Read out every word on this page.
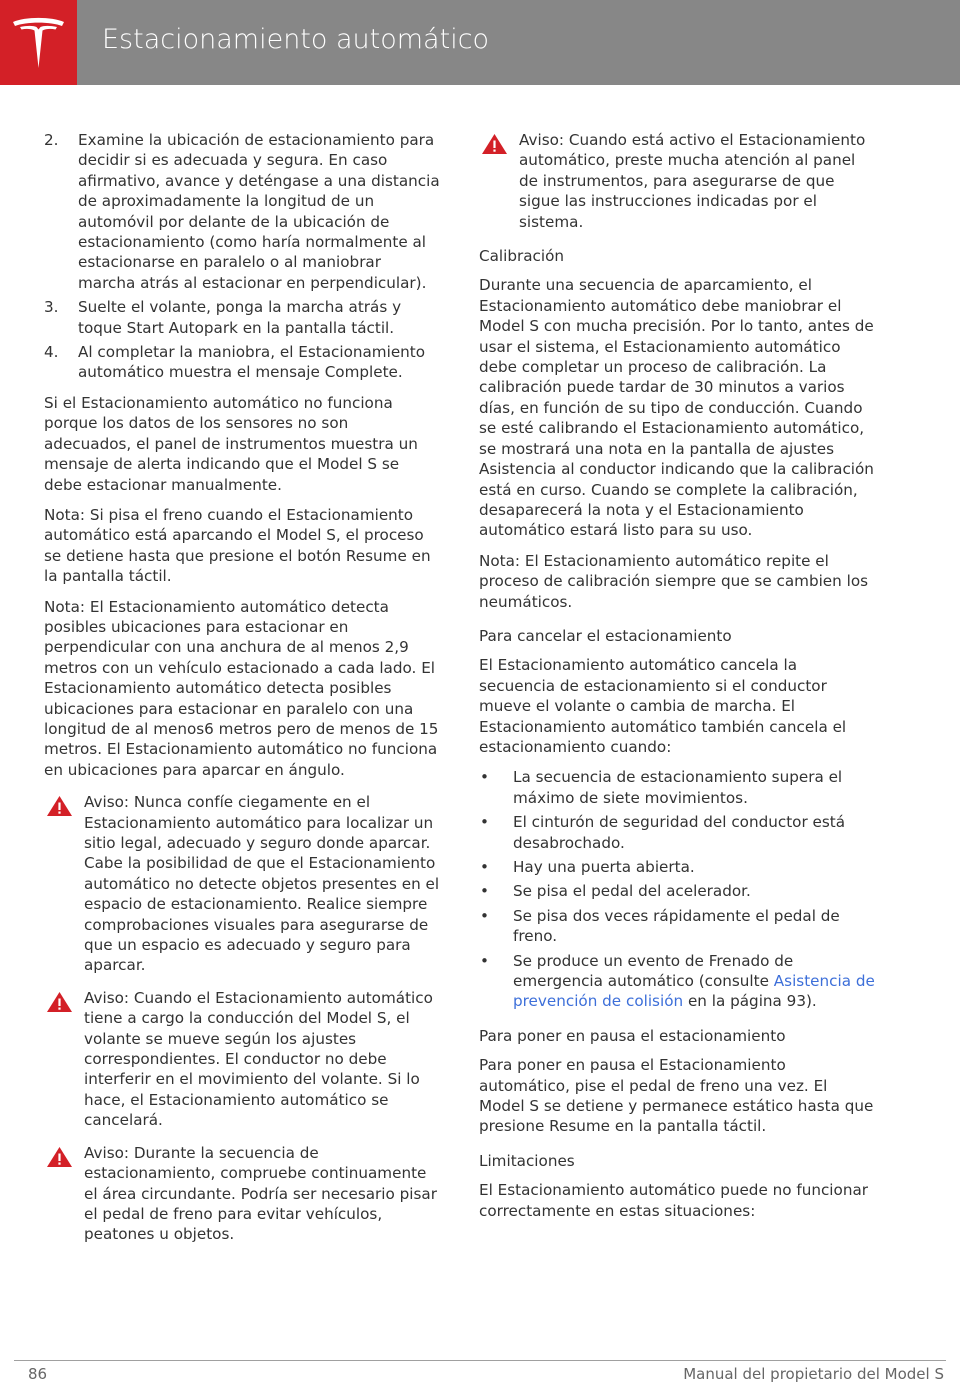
Estacionamiento automático
2. Examine la ubicación de estacionamiento para decidir si es adecuada y segura. En caso afirmativo, avance y deténgase a una distancia de aproximadamente la longitud de un automóvil por delante de la ubicación de estacionamiento (como haría normalmente al estacionarse en paralelo o al maniobrar marcha atrás al estacionar en perpendicular).
3. Suelte el volante, ponga la marcha atrás y toque Start Autopark en la pantalla táctil.
4. Al completar la maniobra, el Estacionamiento automático muestra el mensaje Complete.

Si el Estacionamiento automático no funciona porque los datos de los sensores no son adecuados, el panel de instrumentos muestra un mensaje de alerta indicando que el Model S se debe estacionar manualmente.

Nota: Si pisa el freno cuando el Estacionamiento automático está aparcando el Model S, el proceso se detiene hasta que presione el botón Resume en la pantalla táctil.

Nota: El Estacionamiento automático detecta posibles ubicaciones para estacionar en perpendicular con una anchura de al menos 2,9 metros con un vehículo estacionado a cada lado. El Estacionamiento automático detecta posibles ubicaciones para estacionar en paralelo con una longitud de al menos6 metros pero de menos de 15 metros. El Estacionamiento automático no funciona en ubicaciones para aparcar en ángulo.

Aviso: Nunca confíe ciegamente en el Estacionamiento automático para localizar un sitio legal, adecuado y seguro donde aparcar. Cabe la posibilidad de que el Estacionamiento automático no detecte objetos presentes en el espacio de estacionamiento. Realice siempre comprobaciones visuales para asegurarse de que un espacio es adecuado y seguro para aparcar.
Aviso: Cuando el Estacionamiento automático tiene a cargo la conducción del Model S, el volante se mueve según los ajustes correspondientes. El conductor no debe interferir en el movimiento del volante. Si lo hace, el Estacionamiento automático se cancelará.
Aviso: Durante la secuencia de estacionamiento, compruebe continuamente el área circundante. Podría ser necesario pisar el pedal de freno para evitar vehículos, peatones u objetos.
Aviso: Cuando está activo el Estacionamiento automático, preste mucha atención al panel de instrumentos, para asegurarse de que sigue las instrucciones indicadas por el sistema.

Calibración

Durante una secuencia de aparcamiento, el Estacionamiento automático debe maniobrar el Model S con mucha precisión. Por lo tanto, antes de usar el sistema, el Estacionamiento automático debe completar un proceso de calibración. La calibración puede tardar de 30 minutos a varios días, en función de su tipo de conducción. Cuando se esté calibrando el Estacionamiento automático, se mostrará una nota en la pantalla de ajustes Asistencia al conductor indicando que la calibración está en curso. Cuando se complete la calibración, desaparecerá la nota y el Estacionamiento automático estará listo para su uso.

Nota: El Estacionamiento automático repite el proceso de calibración siempre que se cambien los neumáticos.

Para cancelar el estacionamiento

El Estacionamiento automático cancela la secuencia de estacionamiento si el conductor mueve el volante o cambia de marcha. El Estacionamiento automático también cancela el estacionamiento cuando:

• La secuencia de estacionamiento supera el máximo de siete movimientos.
• El cinturón de seguridad del conductor está desabrochado.
• Hay una puerta abierta.
• Se pisa el pedal del acelerador.
• Se pisa dos veces rápidamente el pedal de freno.
• Se produce un evento de Frenado de emergencia automático (consulte Asistencia de prevención de colisión en la página 93).

Para poner en pausa el estacionamiento

Para poner en pausa el Estacionamiento automático, pise el pedal de freno una vez. El Model S se detiene y permanece estático hasta que presione Resume en la pantalla táctil.

Limitaciones

El Estacionamiento automático puede no funcionar correctamente en estas situaciones:

86	Manual del propietario del Model S
